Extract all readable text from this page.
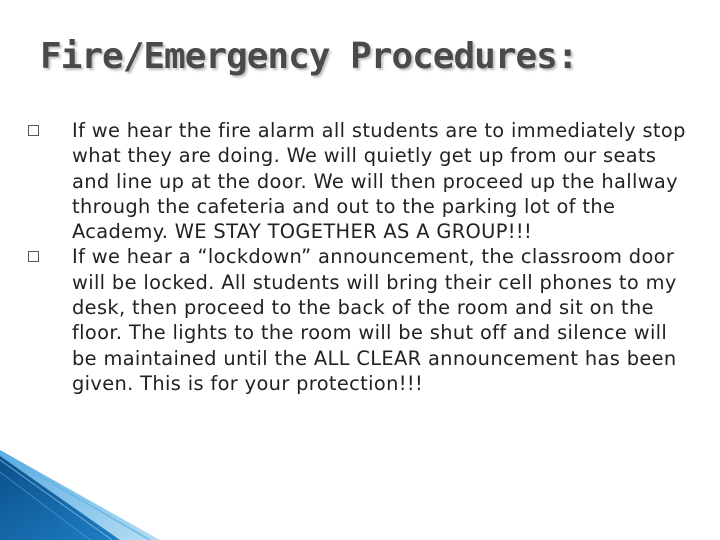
Fire/Emergency Procedures:
If we hear the fire alarm all students are to immediately stop what they are doing. We will quietly get up from our seats and line up at the door. We will then proceed up the hallway through the cafeteria and out to the parking lot of the Academy. WE STAY TOGETHER AS A GROUP!!!
If we hear a “lockdown” announcement, the classroom door will be locked. All students will bring their cell phones to my desk, then proceed to the back of the room and sit on the floor. The lights to the room will be shut off and silence will be maintained until the ALL CLEAR announcement has been given. This is for your protection!!!
